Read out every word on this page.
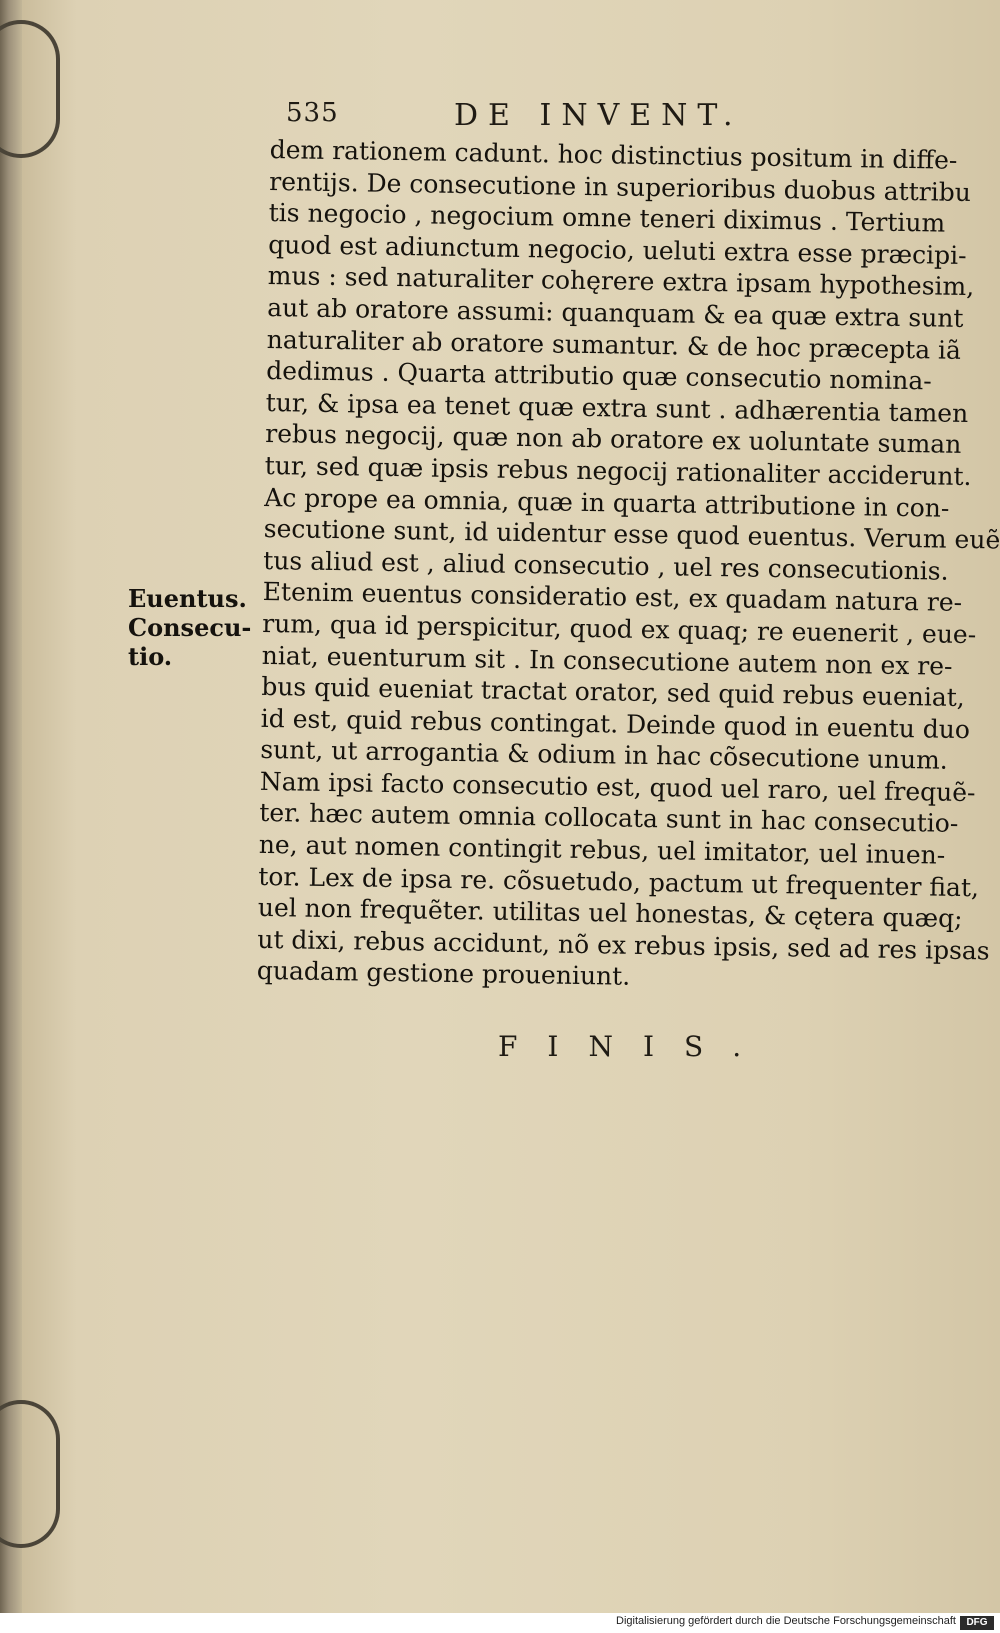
535	DE INVENT.
Euentus.
Consecu-
tio.
dem rationem cadunt. hoc distinctius positum in diffe-
rentijs. De consecutione in superioribus duobus attribu
tis negocio , negocium omne teneri diximus . Tertium
quod est adiunctum negocio, ueluti extra esse præcipi-
mus : sed naturaliter cohęrere extra ipsam hypothesim,
aut ab oratore assumi: quanquam & ea quæ extra sunt
naturaliter ab oratore sumantur. & de hoc præcepta iã
dedimus . Quarta attributio quæ consecutio nomina-
tur, & ipsa ea tenet quæ extra sunt . adhærentia tamen
rebus negocij, quæ non ab oratore ex uoluntate suman
tur, sed quæ ipsis rebus negocij rationaliter acciderunt.
Ac prope ea omnia, quæ in quarta attributione in con-
secutione sunt, id uidentur esse quod euentus. Verum euẽ
tus aliud est , aliud consecutio , uel res consecutionis.
Etenim euentus consideratio est, ex quadam natura re-
rum, qua id perspicitur, quod ex quaq; re euenerit , eue-
niat, euenturum sit . In consecutione autem non ex re-
bus quid eueniat tractat orator, sed quid rebus eueniat,
id est, quid rebus contingat. Deinde quod in euentu duo
sunt, ut arrogantia & odium in hac cõsecutione unum.
Nam ipsi facto consecutio est, quod uel raro, uel frequẽ-
ter. hæc autem omnia collocata sunt in hac consecutio-
ne, aut nomen contingit rebus, uel imitator, uel inuen-
tor. Lex de ipsa re. cõsuetudo, pactum ut frequenter fiat,
uel non frequẽter. utilitas uel honestas, & cętera quæq;
ut dixi, rebus accidunt, nõ ex rebus ipsis, sed ad res ipsas
quadam gestione proueniunt.
FINIS.
Digitalisierung gefördert durch die Deutsche Forschungsgemeinschaft	DFG
